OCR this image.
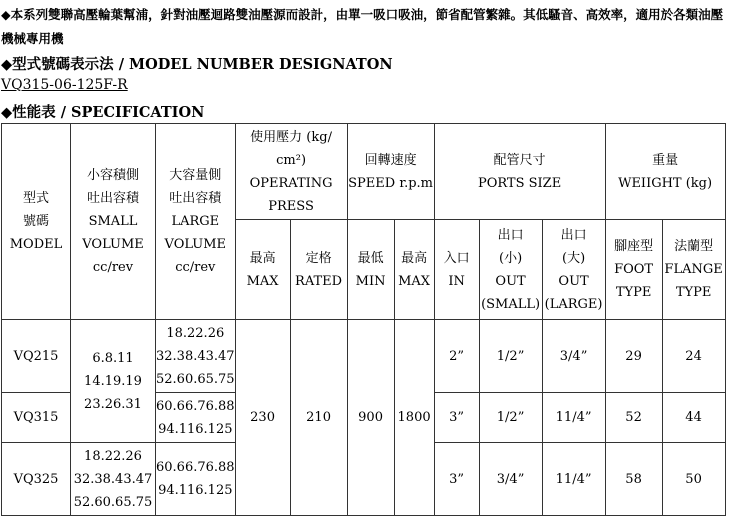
◆本系列雙聯高壓輪葉幫浦，針對油壓迴路雙油壓源而設計，由單一吸口吸油，節省配管繁雜。其低騷音、高效率，適用於各類油壓機械專用機
◆型式號碼表示法 / MODEL NUMBER DESIGNATON
VQ315-06-125F-R
◆性能表 / SPECIFICATION
型式
號碼
MODEL	小容積側
吐出容積
SMALL
VOLUME
cc/rev	大容量側
吐出容積
LARGE
VOLUME
cc/rev	使用壓力 (kg/
cm²)
OPERATING
PRESS		回轉速度
SPEED r.p.m		配管尺寸
PORTS SIZE			重量
WEIIGHT (kg)	

			最高
MAX	定格
RATED	最低
MIN	最高
MAX	入口
IN	出口
(小)
OUT
(SMALL)	出口
(大)
OUT
(LARGE)	腳座型
FOOT
TYPE	法蘭型
FLANGE
TYPE

VQ215	6.8.11
14.19.19
23.26.31	18.22.26
32.38.43.47
52.60.65.75	230	210	900	1800	2”	1/2”	3/4”	29	24
VQ315		60.66.76.88
94.116.125					3”	1/2”	11/4”	52	44
VQ325	18.22.26
32.38.43.47
52.60.65.75	60.66.76.88
94.116.125					3”	3/4”	11/4”	58	50
